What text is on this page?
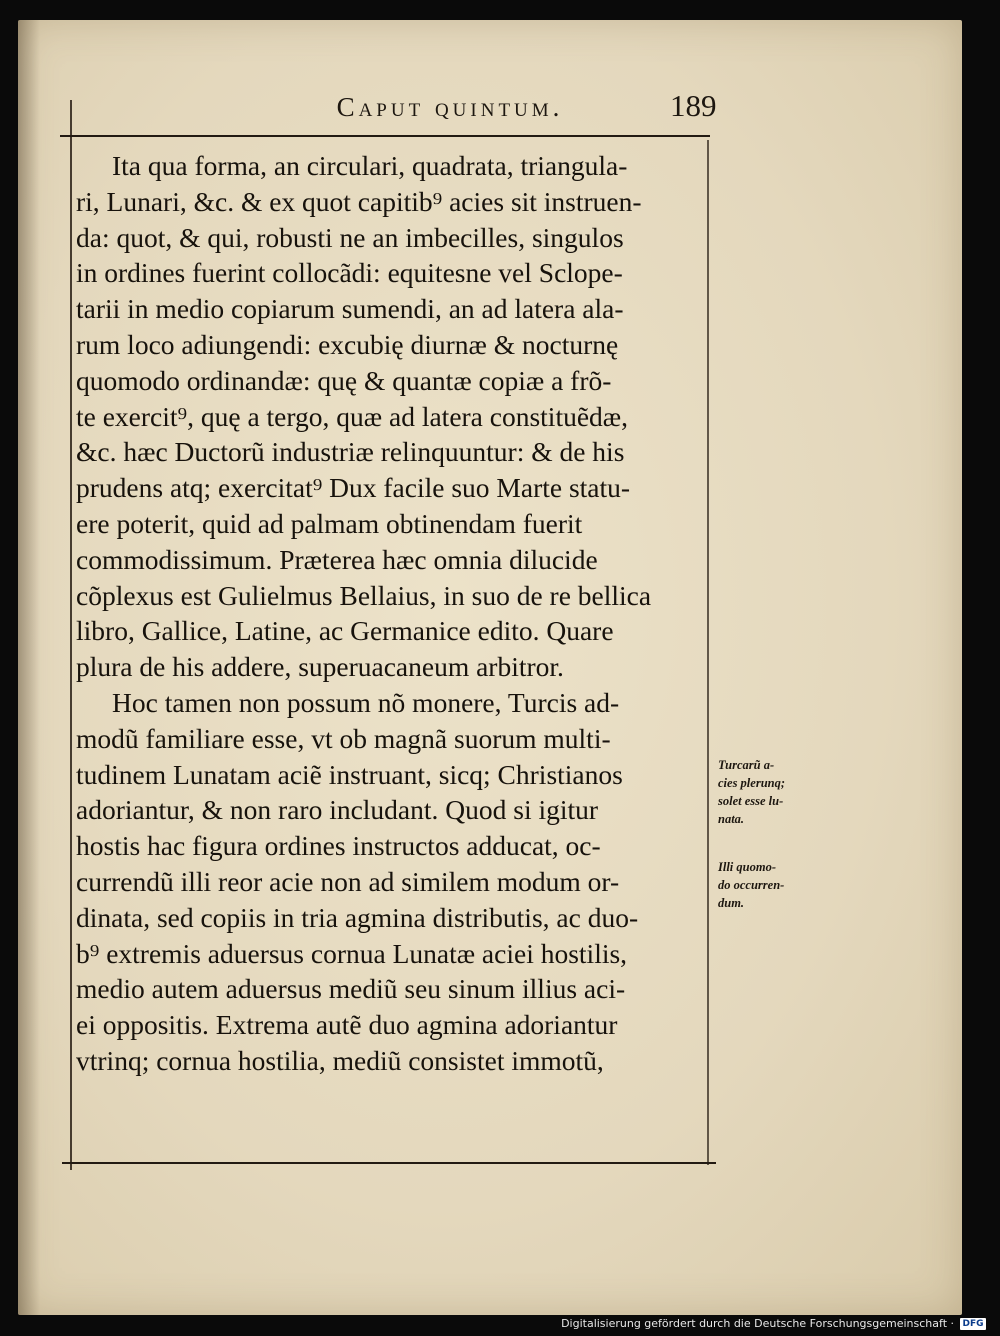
Caput quintum.	189
Ita qua forma, an circulari, quadrata, triangula-
ri, Lunari, &c. & ex quot capitib⁹ acies sit instruen-
da: quot, & qui, robusti ne an imbecilles, singulos
in ordines fuerint collocãdi: equitesne vel Sclope-
tarii in medio copiarum sumendi, an ad latera ala-
rum loco adiungendi: excubię diurnæ & nocturnę
quomodo ordinandæ: quę & quantæ copiæ a frõ-
te exercit⁹, quę a tergo, quæ ad latera constituẽdæ,
&c. hæc Ductorũ industriæ relinquuntur: & de his
prudens atq; exercitat⁹ Dux facile suo Marte statu-
ere poterit, quid ad palmam obtinendam fuerit
commodissimum. Præterea hæc omnia dilucide
cõplexus est Gulielmus Bellaius, in suo de re bellica
libro, Gallice, Latine, ac Germanice edito. Quare
plura de his addere, superuacaneum arbitror.
Hoc tamen non possum nõ monere, Turcis ad-
modũ familiare esse, vt ob magnã suorum multi-
tudinem Lunatam aciẽ instruant, sicq; Christianos
adoriantur, & non raro includant. Quod si igitur
hostis hac figura ordines instructos adducat, oc-
currendũ illi reor acie non ad similem modum or-
dinata, sed copiis in tria agmina distributis, ac duo-
b⁹ extremis aduersus cornua Lunatæ aciei hostilis,
medio autem aduersus mediũ seu sinum illius aci-
ei oppositis. Extrema autẽ duo agmina adoriantur
vtrinq; cornua hostilia, mediũ consistet immotũ,
Turcarũ a-
cies plerunq;
solet esse lu-
nata.
Illi quomo-
do occurren-
dum.
Digitalisierung gefördert durch die Deutsche Forschungsgemeinschaft · DFG
